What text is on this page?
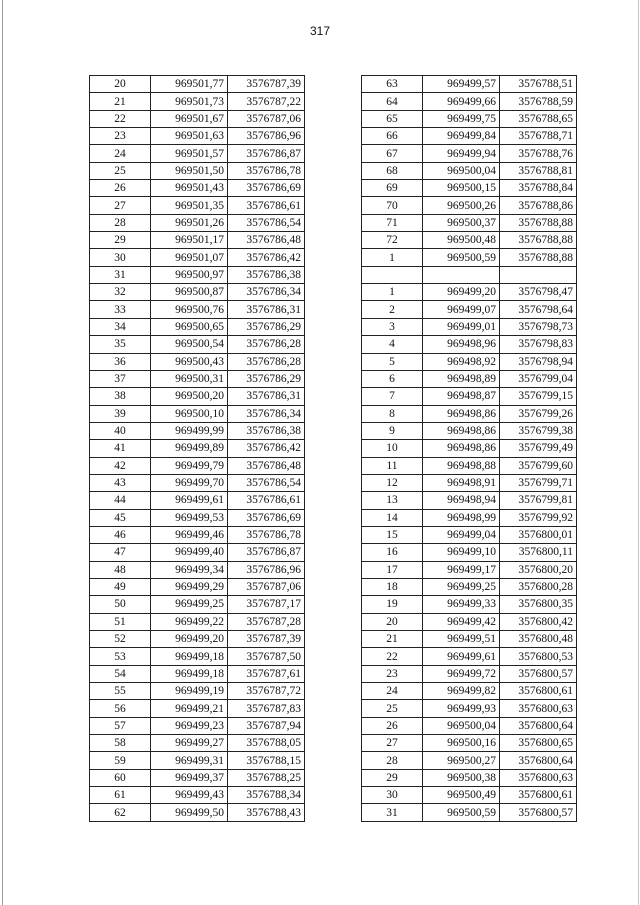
317
20	969501,77	3576787,39
21	969501,73	3576787,22
22	969501,67	3576787,06
23	969501,63	3576786,96
24	969501,57	3576786,87
25	969501,50	3576786,78
26	969501,43	3576786,69
27	969501,35	3576786,61
28	969501,26	3576786,54
29	969501,17	3576786,48
30	969501,07	3576786,42
31	969500,97	3576786,38
32	969500,87	3576786,34
33	969500,76	3576786,31
34	969500,65	3576786,29
35	969500,54	3576786,28
36	969500,43	3576786,28
37	969500,31	3576786,29
38	969500,20	3576786,31
39	969500,10	3576786,34
40	969499,99	3576786,38
41	969499,89	3576786,42
42	969499,79	3576786,48
43	969499,70	3576786,54
44	969499,61	3576786,61
45	969499,53	3576786,69
46	969499,46	3576786,78
47	969499,40	3576786,87
48	969499,34	3576786,96
49	969499,29	3576787,06
50	969499,25	3576787,17
51	969499,22	3576787,28
52	969499,20	3576787,39
53	969499,18	3576787,50
54	969499,18	3576787,61
55	969499,19	3576787,72
56	969499,21	3576787,83
57	969499,23	3576787,94
58	969499,27	3576788,05
59	969499,31	3576788,15
60	969499,37	3576788,25
61	969499,43	3576788,34
62	969499,50	3576788,43
63	969499,57	3576788,51
64	969499,66	3576788,59
65	969499,75	3576788,65
66	969499,84	3576788,71
67	969499,94	3576788,76
68	969500,04	3576788,81
69	969500,15	3576788,84
70	969500,26	3576788,86
71	969500,37	3576788,88
72	969500,48	3576788,88
1	969500,59	3576788,88

1	969499,20	3576798,47
2	969499,07	3576798,64
3	969499,01	3576798,73
4	969498,96	3576798,83
5	969498,92	3576798,94
6	969498,89	3576799,04
7	969498,87	3576799,15
8	969498,86	3576799,26
9	969498,86	3576799,38
10	969498,86	3576799,49
11	969498,88	3576799,60
12	969498,91	3576799,71
13	969498,94	3576799,81
14	969498,99	3576799,92
15	969499,04	3576800,01
16	969499,10	3576800,11
17	969499,17	3576800,20
18	969499,25	3576800,28
19	969499,33	3576800,35
20	969499,42	3576800,42
21	969499,51	3576800,48
22	969499,61	3576800,53
23	969499,72	3576800,57
24	969499,82	3576800,61
25	969499,93	3576800,63
26	969500,04	3576800,64
27	969500,16	3576800,65
28	969500,27	3576800,64
29	969500,38	3576800,63
30	969500,49	3576800,61
31	969500,59	3576800,57
